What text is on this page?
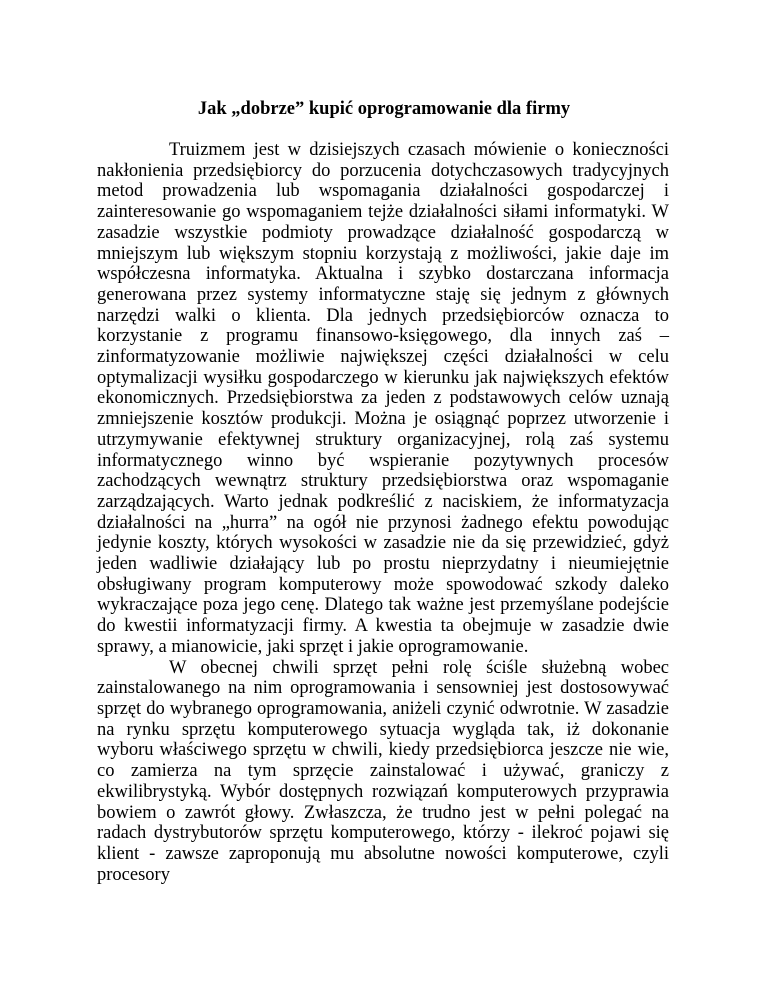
Jak „dobrze” kupić oprogramowanie dla firmy

Truizmem jest w dzisiejszych czasach mówienie o konieczności nakłonienia przedsiębiorcy do porzucenia dotychczasowych tradycyjnych metod prowadzenia lub wspomagania działalności gospodarczej i zainteresowanie go wspomaganiem tejże działalności siłami informatyki. W zasadzie wszystkie podmioty prowadzące działalność gospodarczą w mniejszym lub większym stopniu korzystają z możliwości, jakie daje im współczesna informatyka. Aktualna i szybko dostarczana informacja generowana przez systemy informatyczne staję się jednym z głównych narzędzi walki o klienta. Dla jednych przedsiębiorców oznacza to korzystanie z programu finansowo-księgowego, dla innych zaś – zinformatyzowanie możliwie największej części działalności w celu optymalizacji wysiłku gospodarczego w kierunku jak największych efektów ekonomicznych. Przedsiębiorstwa za jeden z podstawowych celów uznają zmniejszenie kosztów produkcji. Można je osiągnąć poprzez utworzenie i utrzymywanie efektywnej struktury organizacyjnej, rolą zaś systemu informatycznego winno być wspieranie pozytywnych procesów zachodzących wewnątrz struktury przedsiębiorstwa oraz wspomaganie zarządzających. Warto jednak podkreślić z naciskiem, że informatyzacja działalności na „hurra” na ogół nie przynosi żadnego efektu powodując jedynie koszty, których wysokości w zasadzie nie da się przewidzieć, gdyż jeden wadliwie działający lub po prostu nieprzydatny i nieumiejętnie obsługiwany program komputerowy może spowodować szkody daleko wykraczające poza jego cenę. Dlatego tak ważne jest przemyślane podejście do kwestii informatyzacji firmy. A kwestia ta obejmuje w zasadzie dwie sprawy, a mianowicie, jaki sprzęt i jakie oprogramowanie.

W obecnej chwili sprzęt pełni rolę ściśle służebną wobec zainstalowanego na nim oprogramowania i sensowniej jest dostosowywać sprzęt do wybranego oprogramowania, aniżeli czynić odwrotnie. W zasadzie na rynku sprzętu komputerowego sytuacja wygląda tak, iż dokonanie wyboru właściwego sprzętu w chwili, kiedy przedsiębiorca jeszcze nie wie, co zamierza na tym sprzęcie zainstalować i używać, graniczy z ekwilibrystyką. Wybór dostępnych rozwiązań komputerowych przyprawia bowiem o zawrót głowy. Zwłaszcza, że trudno jest w pełni polegać na radach dystrybutorów sprzętu komputerowego, którzy - ilekroć pojawi się klient - zawsze zaproponują mu absolutne nowości komputerowe, czyli procesory
